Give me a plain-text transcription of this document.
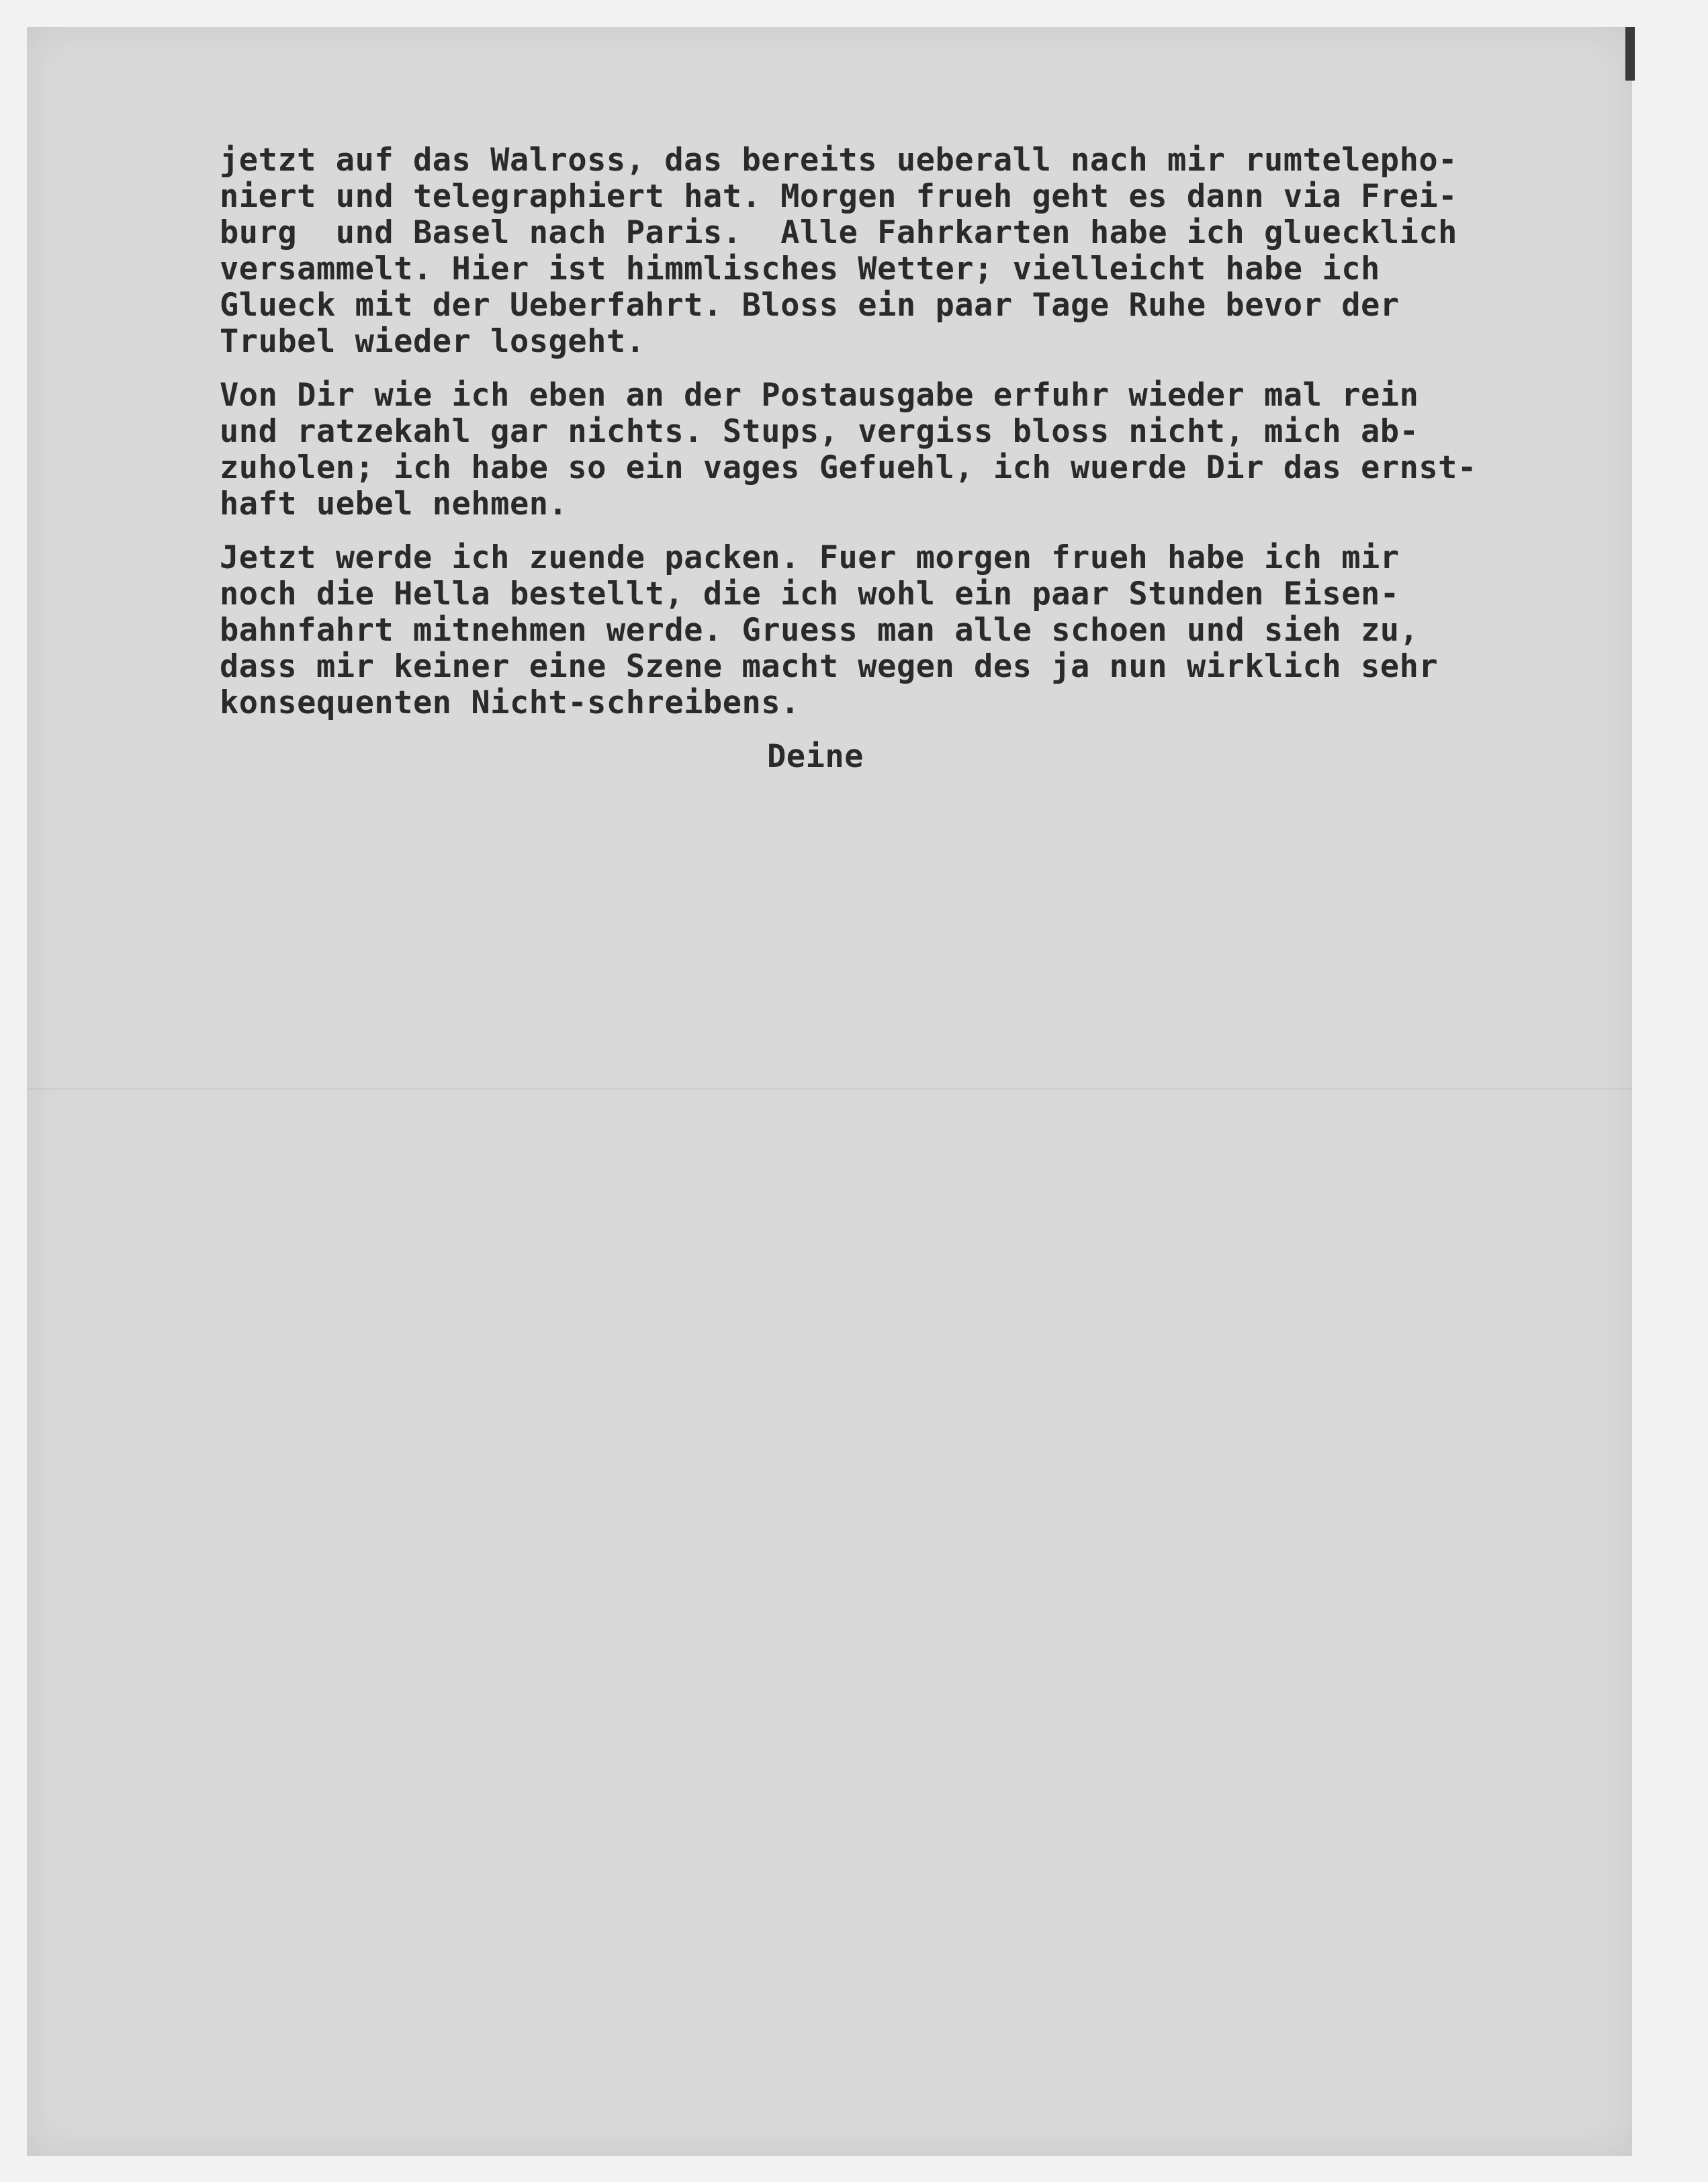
jetzt auf das Walross, das bereits ueberall nach mir rumtelepho-
niert und telegraphiert hat. Morgen frueh geht es dann via Frei-
burg  und Basel nach Paris.  Alle Fahrkarten habe ich gluecklich
versammelt. Hier ist himmlisches Wetter; vielleicht habe ich
Glueck mit der Ueberfahrt. Bloss ein paar Tage Ruhe bevor der
Trubel wieder losgeht.
Von Dir wie ich eben an der Postausgabe erfuhr wieder mal rein
und ratzekahl gar nichts. Stups, vergiss bloss nicht, mich ab-
zuholen; ich habe so ein vages Gefuehl, ich wuerde Dir das ernst-
haft uebel nehmen.
Jetzt werde ich zuende packen. Fuer morgen frueh habe ich mir
noch die Hella bestellt, die ich wohl ein paar Stunden Eisen-
bahnfahrt mitnehmen werde. Gruess man alle schoen und sieh zu,
dass mir keiner eine Szene macht wegen des ja nun wirklich sehr
konsequenten Nicht-schreibens.
Deine
